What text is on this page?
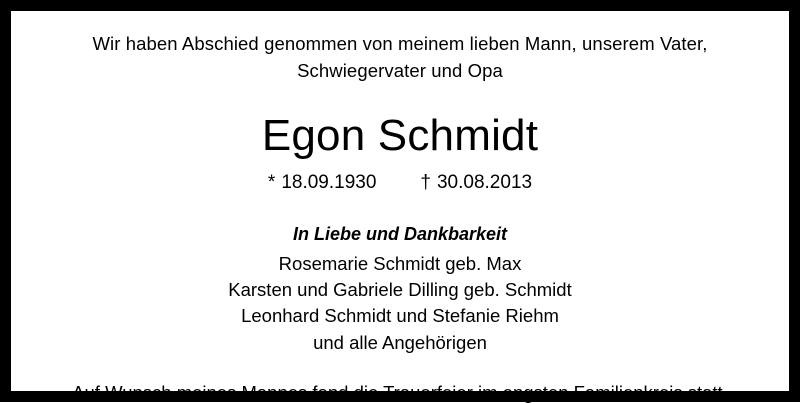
Wir haben Abschied genommen von meinem lieben Mann, unserem Vater, Schwiegervater und Opa
Egon Schmidt
* 18.09.1930 † 30.08.2013
In Liebe und Dankbarkeit
Rosemarie Schmidt geb. Max
Karsten und Gabriele Dilling geb. Schmidt
Leonhard Schmidt und Stefanie Riehm
und alle Angehörigen
Auf Wunsch meines Mannes fand die Trauerfeier im engsten Familienkreis statt.
